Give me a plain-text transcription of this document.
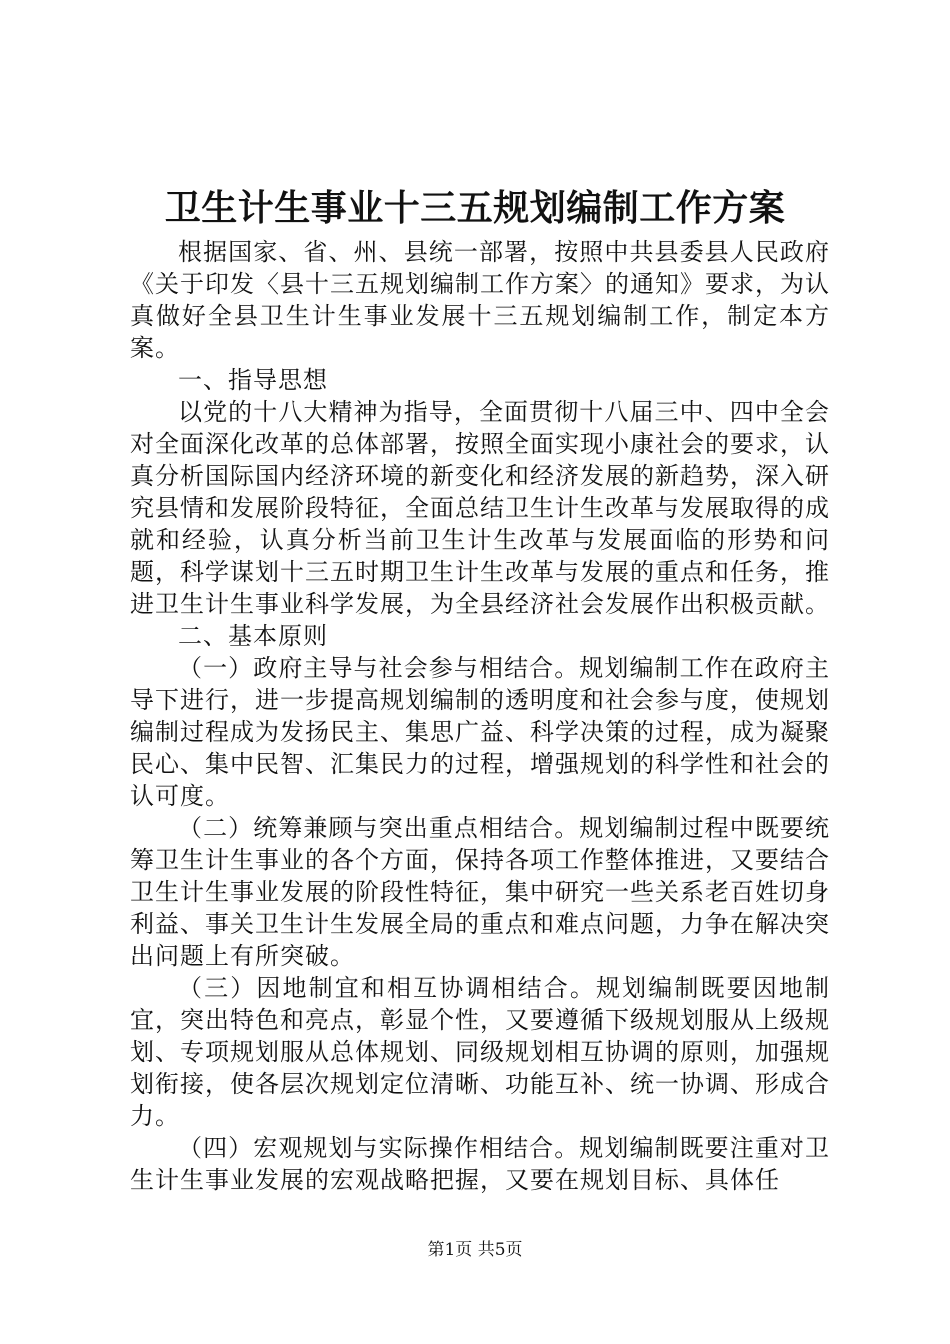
卫生计生事业十三五规划编制工作方案

根据国家、省、州、县统一部署，按照中共县委县人民政府《关于印发〈县十三五规划编制工作方案〉的通知》要求，为认真做好全县卫生计生事业发展十三五规划编制工作，制定本方案。

一、指导思想

以党的十八大精神为指导，全面贯彻十八届三中、四中全会对全面深化改革的总体部署，按照全面实现小康社会的要求，认真分析国际国内经济环境的新变化和经济发展的新趋势，深入研究县情和发展阶段特征，全面总结卫生计生改革与发展取得的成就和经验，认真分析当前卫生计生改革与发展面临的形势和问题，科学谋划十三五时期卫生计生改革与发展的重点和任务，推进卫生计生事业科学发展，为全县经济社会发展作出积极贡献。

二、基本原则

（一）政府主导与社会参与相结合。规划编制工作在政府主导下进行，进一步提高规划编制的透明度和社会参与度，使规划编制过程成为发扬民主、集思广益、科学决策的过程，成为凝聚民心、集中民智、汇集民力的过程，增强规划的科学性和社会的认可度。

（二）统筹兼顾与突出重点相结合。规划编制过程中既要统筹卫生计生事业的各个方面，保持各项工作整体推进，又要结合卫生计生事业发展的阶段性特征，集中研究一些关系老百姓切身利益、事关卫生计生发展全局的重点和难点问题，力争在解决突出问题上有所突破。

（三）因地制宜和相互协调相结合。规划编制既要因地制宜，突出特色和亮点，彰显个性，又要遵循下级规划服从上级规划、专项规划服从总体规划、同级规划相互协调的原则，加强规划衔接，使各层次规划定位清晰、功能互补、统一协调、形成合力。

（四）宏观规划与实际操作相结合。规划编制既要注重对卫生计生事业发展的宏观战略把握，又要在规划目标、具体任

第1页 共5页
